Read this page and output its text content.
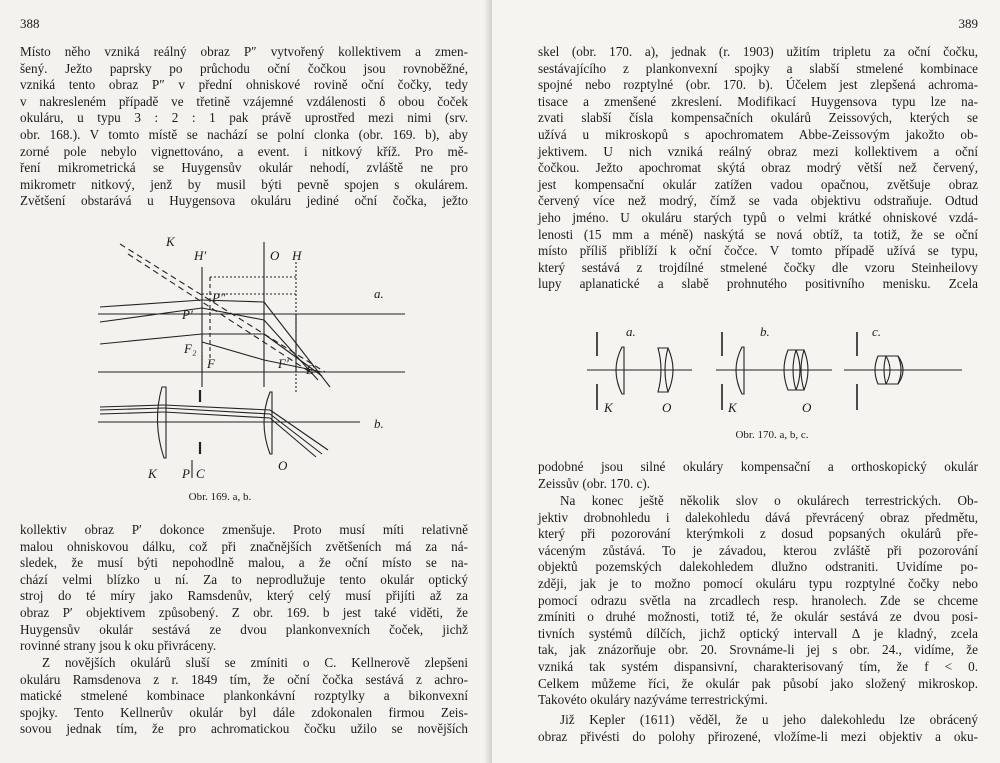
388
Místo něho vzniká reálný obraz P″ vytvořený kollektivem a zmen-
šený. Ježto paprsky po průchodu oční čočkou jsou rovnoběžné,
vzniká tento obraz P″ v přední ohniskové rovině oční čočky, tedy
v nakresleném případě ve třetině vzájemné vzdálenosti δ obou čoček
okuláru, u typu 3 : 2 : 1 pak právě uprostřed mezi nimi (srv.
obr. 168.). V tomto místě se nachází se polní clonka (obr. 169. b), aby
zorné pole nebylo vignettováno, a event. i nitkový kříž. Pro mě-
ření mikrometrická se Huygensův okulár nehodí, zvláště ne pro
mikrometr nitkový, jenž by musil býti pevně spojen s okulárem.
Zvětšení obstarává u Huygensova okuláru jediné oční čočka, ježto
K
H′	O H
P″
P′
F₂
F	F′ E
a.
b.
K P C
O
Obr. 169. a, b.
kollektiv obraz P′ dokonce zmenšuje. Proto musí míti relativně
malou ohniskovou dálku, což při značnějších zvětšeních má za ná-
sledek, že musí býti nepohodlně malou, a že oční místo se na-
chází velmi blízko u ní. Za to neprodlužuje tento okulár optický
stroj do té míry jako Ramsdenův, který celý musí přijíti až za
obraz P′ objektivem způsobený. Z obr. 169. b jest také viděti, že
Huygensův okulár sestává ze dvou plankonvexních čoček, jichž
rovinné strany jsou k oku přivráceny.
Z novějších okulárů sluší se zmíniti o C. Kellnerově zlepšeni
okuláru Ramsdenova z r. 1849 tím, že oční čočka sestává z achro-
matické stmelené kombinace plankonkávní rozptylky a bikonvexní
spojky. Tento Kellnerův okulár byl dále zdokonalen firmou Zeis-
sovou jednak tím, že pro achromatickou čočku užilo se novějších
389
skel (obr. 170. a), jednak (r. 1903) užitím tripletu za oční čočku,
sestávajícího z plankonvexní spojky a slabší stmelené kombinace
spojné nebo rozptylné (obr. 170. b). Účelem jest zlepšená achroma-
tisace a zmenšené zkreslení. Modifikací Huygensova typu lze na-
zvati slabší čísla kompensačních okulárů Zeissových, kterých se
užívá u mikroskopů s apochromatem Abbe-Zeissovým jakožto ob-
jektivem. U nich vzniká reálný obraz mezi kollektivem a oční
čočkou. Ježto apochromat skýtá obraz modrý větší než červený,
jest kompensační okulár zatížen vadou opačnou, zvětšuje obraz
červený více než modrý, čímž se vada objektivu odstraňuje. Odtud
jeho jméno. U okuláru starých typů o velmi krátké ohniskové vzdá-
lenosti (15 mm a méně) naskýtá se nová obtíž, ta totiž, že se oční
místo příliš přiblíží k oční čočce. V tomto případě užívá se typu,
který sestává z trojdílné stmelené čočky dle vzoru Steinheilovy
lupy aplanatické a slabě prohnutého positivního menisku. Zcela
a.	b.	c.
K	O	K	O
Obr. 170. a, b, c.
podobné jsou silné okuláry kompensační a orthoskopický okulár
Zeissův (obr. 170. c).
Na konec ještě několik slov o okulárech terrestrických. Ob-
jektiv drobnohledu i dalekohledu dává převrácený obraz předmětu,
který při pozorování kterýmkoli z dosud popsaných okulárů pře-
váceným zůstává. To je závadou, kterou zvláště při pozorování
objektů pozemských dalekohledem dlužno odstraniti. Uvidíme po-
zději, jak je to možno pomocí okuláru typu rozptylné čočky nebo
pomocí odrazu světla na zrcadlech resp. hranolech. Zde se chceme
zmíniti o druhé možnosti, totiž té, že okulár sestává ze dvou posi-
tivních systémů dílčích, jichž optický intervall Δ je kladný, zcela
tak, jak znázorňuje obr. 20. Srovnáme-li jej s obr. 24., vidíme, že
vzniká tak systém dispansivní, charakterisovaný tím, že f < 0.
Celkem můžeme říci, že okulár pak působí jako složený mikroskop.
Takovéto okuláry nazýváme terrestrickými.
Již Kepler (1611) věděl, že u jeho dalekohledu lze obrácený
obraz přivésti do polohy přirozené, vložíme-li mezi objektiv a oku-
